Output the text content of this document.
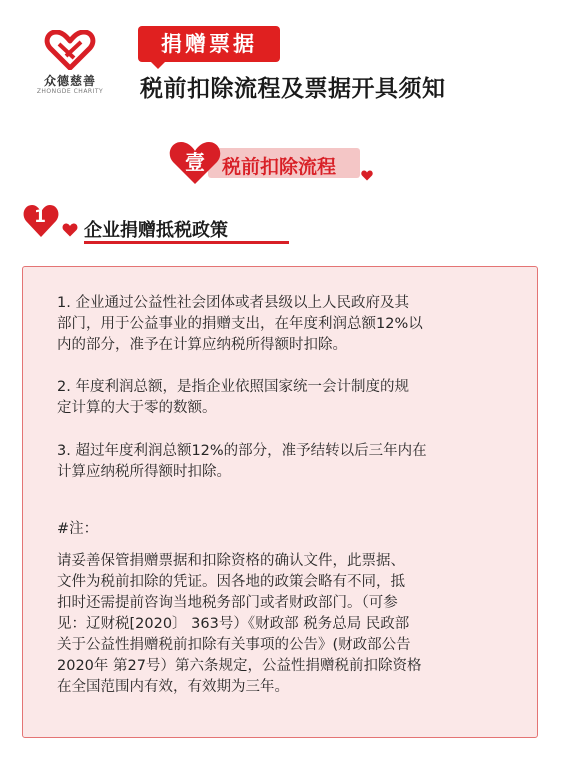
众德慈善
ZHONGDE CHARITY
捐赠票据
税前扣除流程及票据开具须知
壹 税前扣除流程
1
企业捐赠抵税政策
1. 企业通过公益性社会团体或者县级以上人民政府及其
部门，用于公益事业的捐赠支出，在年度利润总额12%以
内的部分，准予在计算应纳税所得额时扣除。
2. 年度利润总额，是指企业依照国家统一会计制度的规
定计算的大于零的数额。
3. 超过年度利润总额12%的部分，准予结转以后三年内在
计算应纳税所得额时扣除。
#注：
请妥善保管捐赠票据和扣除资格的确认文件，此票据、
文件为税前扣除的凭证。因各地的政策会略有不同，抵
扣时还需提前咨询当地税务部门或者财政部门。（可参
见：辽财税[2020〕 363号）《财政部 税务总局 民政部
关于公益性捐赠税前扣除有关事项的公告》(财政部公告
2020年 第27号）第六条规定，公益性捐赠税前扣除资格
在全国范围内有效，有效期为三年。
